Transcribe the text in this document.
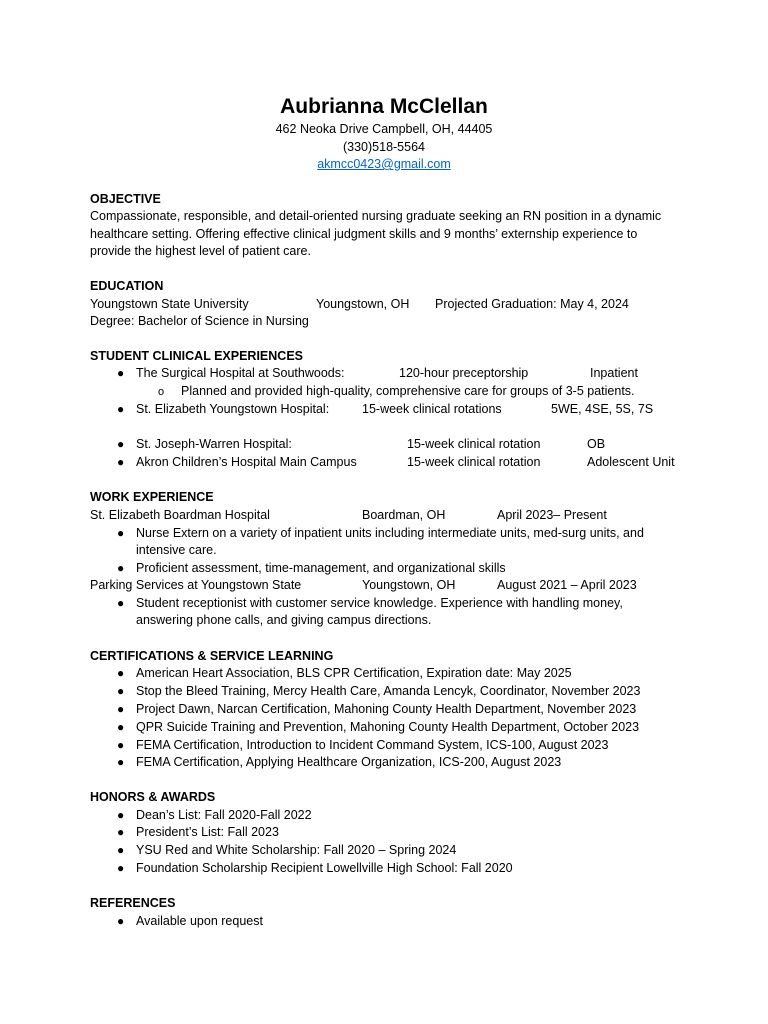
Aubrianna McClellan
462 Neoka Drive Campbell, OH, 44405
(330)518-5564
akmcc0423@gmail.com
OBJECTIVE
Compassionate, responsible, and detail-oriented nursing graduate seeking an RN position in a dynamic
healthcare setting. Offering effective clinical judgment skills and 9 months’ externship experience to
provide the highest level of patient care.
EDUCATION
Youngstown State University	Youngstown, OH Projected Graduation: May 4, 2024
Degree: Bachelor of Science in Nursing
STUDENT CLINICAL EXPERIENCES
● The Surgical Hospital at Southwoods:	120-hour preceptorship	Inpatient
o Planned and provided high-quality, comprehensive care for groups of 3-5 patients.
● St. Elizabeth Youngstown Hospital:	15-week clinical rotations	5WE, 4SE, 5S, 7S
● St. Joseph-Warren Hospital:	15-week clinical rotation	OB
● Akron Children’s Hospital Main Campus	15-week clinical rotation	Adolescent Unit
WORK EXPERIENCE
St. Elizabeth Boardman Hospital	Boardman, OH	April 2023– Present
● Nurse Extern on a variety of inpatient units including intermediate units, med-surg units, and
intensive care.
● Proficient assessment, time-management, and organizational skills
Parking Services at Youngstown State	Youngstown, OH	August 2021 – April 2023
● Student receptionist with customer service knowledge. Experience with handling money,
answering phone calls, and giving campus directions.
CERTIFICATIONS & SERVICE LEARNING
● American Heart Association, BLS CPR Certification, Expiration date: May 2025
● Stop the Bleed Training, Mercy Health Care, Amanda Lencyk, Coordinator, November 2023
● Project Dawn, Narcan Certification, Mahoning County Health Department, November 2023
● QPR Suicide Training and Prevention, Mahoning County Health Department, October 2023
● FEMA Certification, Introduction to Incident Command System, ICS-100, August 2023
● FEMA Certification, Applying Healthcare Organization, ICS-200, August 2023
HONORS & AWARDS
● Dean’s List: Fall 2020-Fall 2022
● President’s List: Fall 2023
● YSU Red and White Scholarship: Fall 2020 – Spring 2024
● Foundation Scholarship Recipient Lowellville High School: Fall 2020
REFERENCES
● Available upon request
